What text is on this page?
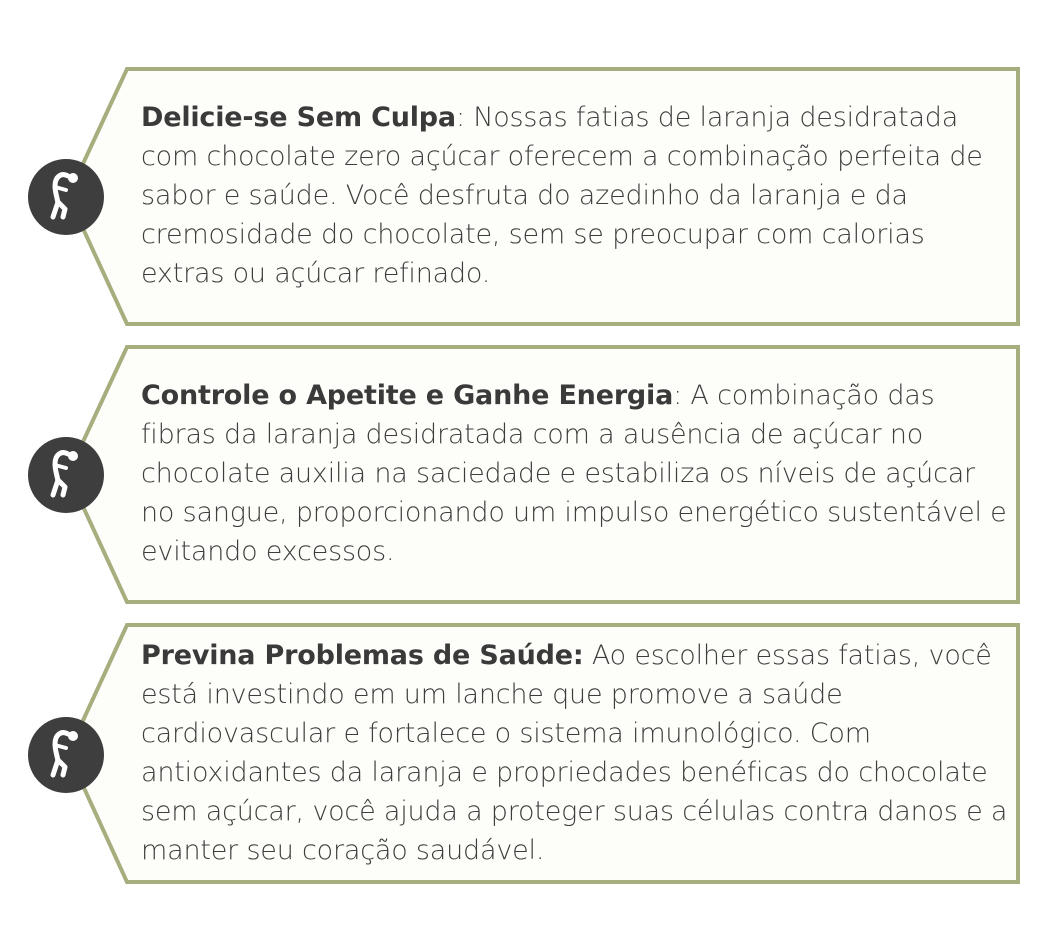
Delicie-se Sem Culpa: Nossas fatias de laranja desidratada com chocolate zero açúcar oferecem a combinação perfeita de sabor e saúde. Você desfruta do azedinho da laranja e da cremosidade do chocolate, sem se preocupar com calorias extras ou açúcar refinado.
Controle o Apetite e Ganhe Energia: A combinação das fibras da laranja desidratada com a ausência de açúcar no chocolate auxilia na saciedade e estabiliza os níveis de açúcar no sangue, proporcionando um impulso energético sustentável e evitando excessos.
Previna Problemas de Saúde: Ao escolher essas fatias, você está investindo em um lanche que promove a saúde cardiovascular e fortalece o sistema imunológico. Com antioxidantes da laranja e propriedades benéficas do chocolate sem açúcar, você ajuda a proteger suas células contra danos e a manter seu coração saudável.
